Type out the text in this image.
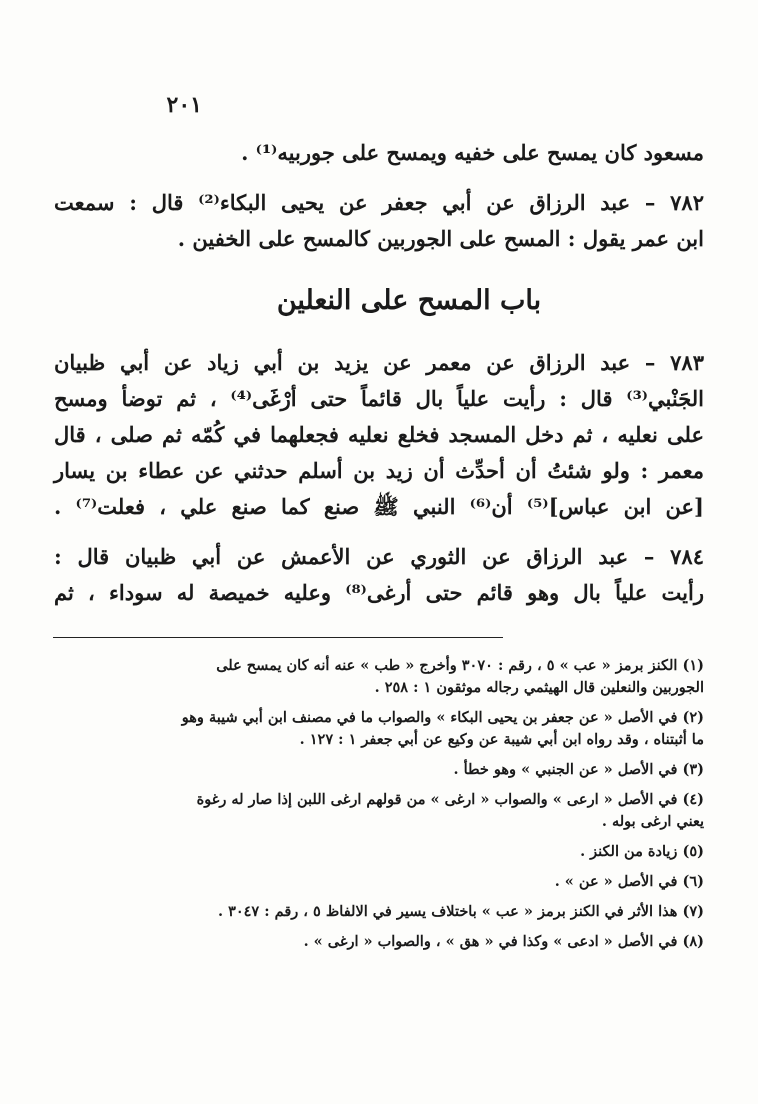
٢٠١
مسعود كان يمسح على خفيه ويمسح على جوربيه⁽¹⁾ .
٧٨٢ – عبد الرزاق عن أبي جعفر عن يحيى البكاء⁽²⁾ قال : سمعت
ابن عمر يقول : المسح على الجوربين كالمسح على الخفين .
باب المسح على النعلين
٧٨٣ – عبد الرزاق عن معمر عن يزيد بن أبي زياد عن أبي ظبيان
الجَنْبي⁽³⁾ قال : رأيت علياً بال قائماً حتى أرْغَى⁽⁴⁾ ، ثم توضأ ومسح
على نعليه ، ثم دخل المسجد فخلع نعليه فجعلهما في كُمّه ثم صلى ، قال
معمر : ولو شئتُ أن أحدِّث أن زيد بن أسلم حدثني عن عطاء بن يسار
[عن ابن عباس]⁽⁵⁾ أن⁽⁶⁾ النبي ﷺ صنع كما صنع علي ، فعلت⁽⁷⁾ .
٧٨٤ – عبد الرزاق عن الثوري عن الأعمش عن أبي ظبيان قال :
رأيت علياً بال وهو قائم حتى أرغى⁽⁸⁾ وعليه خميصة له سوداء ، ثم
(١) الكنز برمز « عب » ٥ ، رقم : ٣٠٧٠ وأخرج « طب » عنه أنه كان يمسح على
الجوربين والنعلين قال الهيثمي رجاله موثقون ١ : ٢٥٨ .
(٢) في الأصل « عن جعفر بن يحيى البكاء » والصواب ما في مصنف ابن أبي شيبة وهو
ما أثبتناه ، وقد رواه ابن أبي شيبة عن وكيع عن أبي جعفر ١ : ١٢٧ .
(٣) في الأصل « عن الجنبي » وهو خطأ .
(٤) في الأصل « ارعى » والصواب « ارغى » من قولهم ارغى اللبن إذا صار له رغوة
يعني ارغى بوله .
(٥) زيادة من الكنز .
(٦) في الأصل « عن » .
(٧) هذا الأثر في الكنز برمز « عب » باختلاف يسير في الالفاظ ٥ ، رقم : ٣٠٤٧ .
(٨) في الأصل « ادعى » وكذا في « هق » ، والصواب « ارغى » .
